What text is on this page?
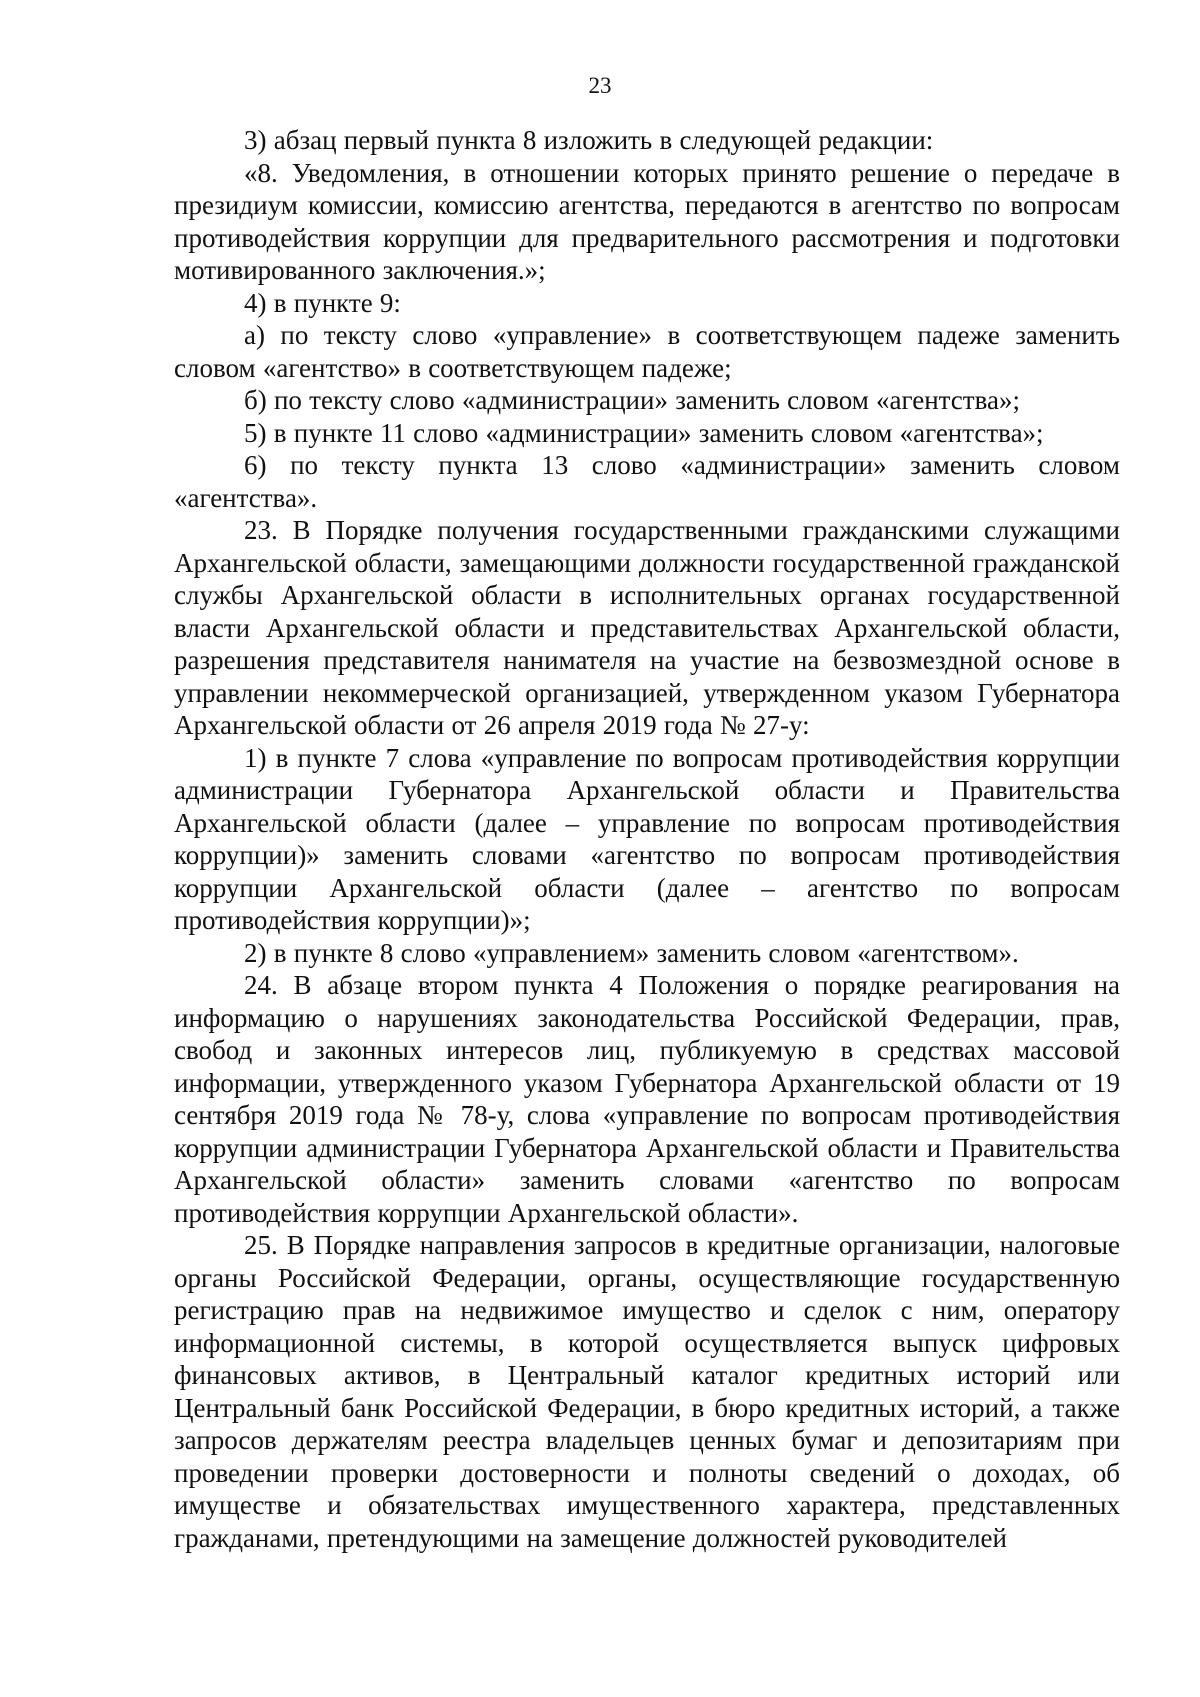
23

3) абзац первый пункта 8 изложить в следующей редакции:

«8. Уведомления, в отношении которых принято решение о передаче в президиум комиссии, комиссию агентства, передаются в агентство по вопросам противодействия коррупции для предварительного рассмотрения и подготовки мотивированного заключения.»;

4) в пункте 9:

а) по тексту слово «управление» в соответствующем падеже заменить словом «агентство» в соответствующем падеже;

б) по тексту слово «администрации» заменить словом «агентства»;

5) в пункте 11 слово «администрации» заменить словом «агентства»;

6) по тексту пункта 13 слово «администрации» заменить словом «агентства».

23. В Порядке получения государственными гражданскими служащими Архангельской области, замещающими должности государственной гражданской службы Архангельской области в исполнительных органах государственной власти Архангельской области и представительствах Архангельской области, разрешения представителя нанимателя на участие на безвозмездной основе в управлении некоммерческой организацией, утвержденном указом Губернатора Архангельской области от 26 апреля 2019 года № 27-у:

1) в пункте 7 слова «управление по вопросам противодействия коррупции администрации Губернатора Архангельской области и Правительства Архангельской области (далее – управление по вопросам противодействия коррупции)» заменить словами «агентство по вопросам противодействия коррупции Архангельской области (далее – агентство по вопросам противодействия коррупции)»;

2) в пункте 8 слово «управлением» заменить словом «агентством».

24. В абзаце втором пункта 4 Положения о порядке реагирования на информацию о нарушениях законодательства Российской Федерации, прав, свобод и законных интересов лиц, публикуемую в средствах массовой информации, утвержденного указом Губернатора Архангельской области от 19 сентября 2019 года № 78-у, слова «управление по вопросам противодействия коррупции администрации Губернатора Архангельской области и Правительства Архангельской области» заменить словами «агентство по вопросам противодействия коррупции Архангельской области».

25. В Порядке направления запросов в кредитные организации, налоговые органы Российской Федерации, органы, осуществляющие государственную регистрацию прав на недвижимое имущество и сделок с ним, оператору информационной системы, в которой осуществляется выпуск цифровых финансовых активов, в Центральный каталог кредитных историй или Центральный банк Российской Федерации, в бюро кредитных историй, а также запросов держателям реестра владельцев ценных бумаг и депозитариям при проведении проверки достоверности и полноты сведений о доходах, об имуществе и обязательствах имущественного характера, представленных гражданами, претендующими на замещение должностей руководителей
